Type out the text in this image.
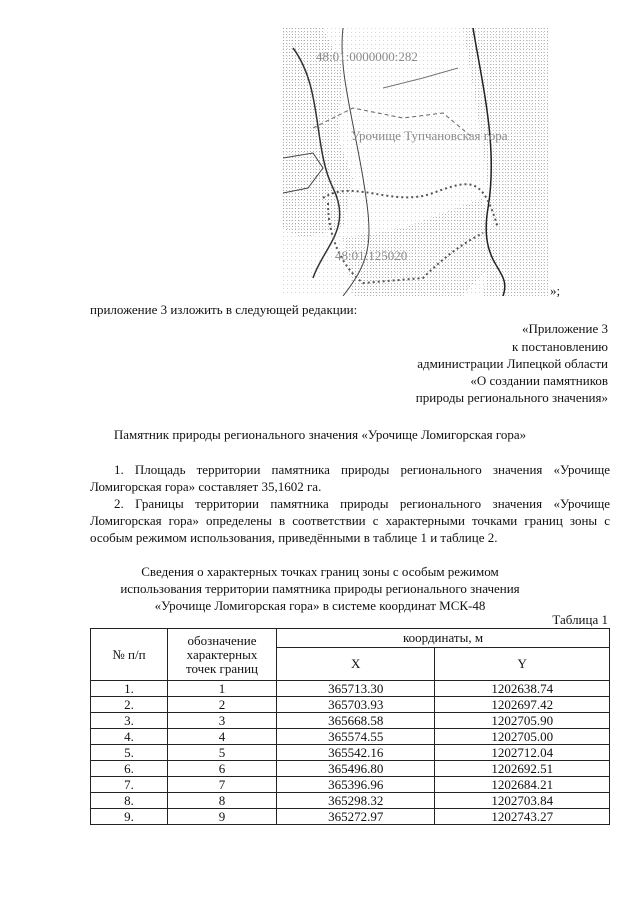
48:01:0000000:282
Урочище Тупчановская гора
48:01:125020
»;
приложение 3 изложить в следующей редакции:
«Приложение 3
к постановлению
администрации Липецкой области
«О создании памятников
природы регионального значения»
Памятник природы регионального значения «Урочище Ломигорская гора»
1. Площадь территории памятника природы регионального значения «Урочище Ломигорская гора» составляет 35,1602 га.
2. Границы территории памятника природы регионального значения «Урочище Ломигорская гора» определены в соответствии с характерными точками границ зоны с особым режимом использования, приведёнными в таблице 1 и таблице 2.
Сведения о характерных точках границ зоны с особым режимом
использования территории памятника природы регионального значения
«Урочище Ломигорская гора» в системе координат МСК-48
Таблица 1
№ п/п	обозначение
характерных
точек границ	координаты, м	
		X	Y
1.	1	365713.30	1202638.74
2.	2	365703.93	1202697.42
3.	3	365668.58	1202705.90
4.	4	365574.55	1202705.00
5.	5	365542.16	1202712.04
6.	6	365496.80	1202692.51
7.	7	365396.96	1202684.21
8.	8	365298.32	1202703.84
9.	9	365272.97	1202743.27
